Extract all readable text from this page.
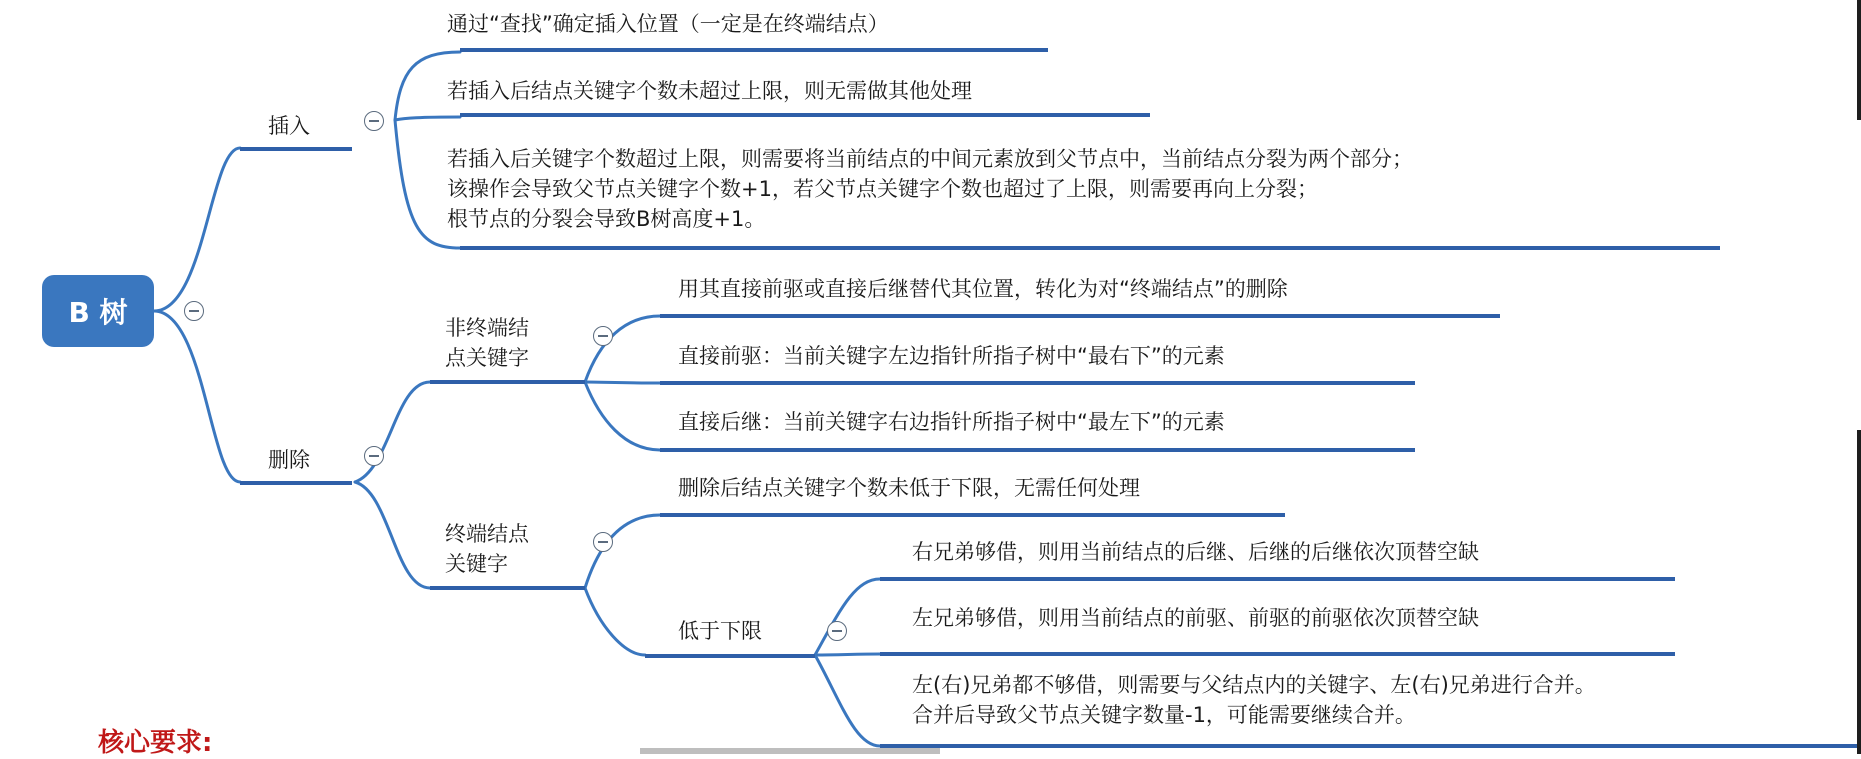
B 树
插入
通过“查找”确定插入位置（一定是在终端结点）
若插入后结点关键字个数未超过上限，则无需做其他处理
若插入后关键字个数超过上限，则需要将当前结点的中间元素放到父节点中，当前结点分裂为两个部分；
该操作会导致父节点关键字个数+1，若父节点关键字个数也超过了上限，则需要再向上分裂；
根节点的分裂会导致B树高度+1。
删除
非终端结
点关键字
用其直接前驱或直接后继替代其位置，转化为对“终端结点”的删除
直接前驱：当前关键字左边指针所指子树中“最右下”的元素
直接后继：当前关键字右边指针所指子树中“最左下”的元素
终端结点
关键字
删除后结点关键字个数未低于下限，无需任何处理
低于下限
右兄弟够借，则用当前结点的后继、后继的后继依次顶替空缺
左兄弟够借，则用当前结点的前驱、前驱的前驱依次顶替空缺
左(右)兄弟都不够借，则需要与父结点内的关键字、左(右)兄弟进行合并。
合并后导致父节点关键字数量-1，可能需要继续合并。
核心要求:
